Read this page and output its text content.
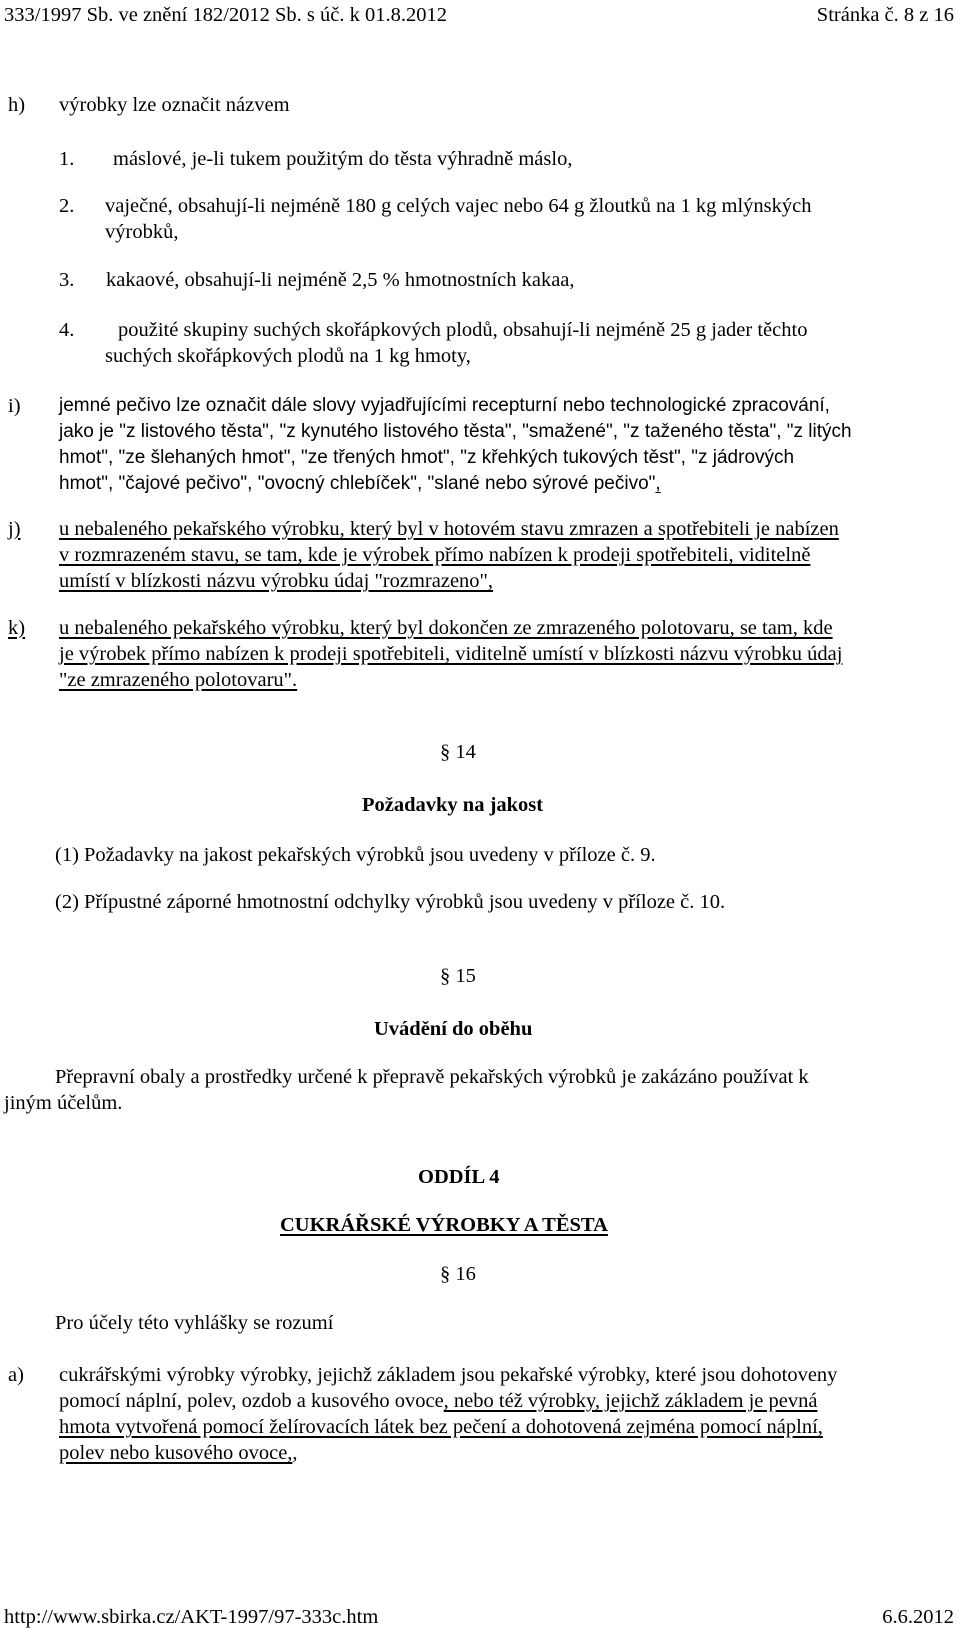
333/1997 Sb. ve znění 182/2012 Sb. s úč. k 01.8.2012	Stránka č. 8 z 16
h) výrobky lze označit názvem
1. máslové, je-li tukem použitým do těsta výhradně máslo,
2. vaječné, obsahují-li nejméně 180 g celých vajec nebo 64 g žloutků na 1 kg mlýnských
výrobků,
3. kakaové, obsahují-li nejméně 2,5 % hmotnostních kakaa,
4. použité skupiny suchých skořápkových plodů, obsahují-li nejméně 25 g jader těchto
suchých skořápkových plodů na 1 kg hmoty,
i) jemné pečivo lze označit dále slovy vyjadřujícími recepturní nebo technologické zpracování,
jako je "z listového těsta", "z kynutého listového těsta", "smažené", "z taženého těsta", "z litých
hmot", "ze šlehaných hmot", "ze třených hmot", "z křehkých tukových těst", "z jádrových
hmot", "čajové pečivo", "ovocný chlebíček", "slané nebo sýrové pečivo",
j) u nebaleného pekařského výrobku, který byl v hotovém stavu zmrazen a spotřebiteli je nabízen
v rozmrazeném stavu, se tam, kde je výrobek přímo nabízen k prodeji spotřebiteli, viditelně
umístí v blízkosti názvu výrobku údaj "rozmrazeno",
k) u nebaleného pekařského výrobku, který byl dokončen ze zmrazeného polotovaru, se tam, kde
je výrobek přímo nabízen k prodeji spotřebiteli, viditelně umístí v blízkosti názvu výrobku údaj
"ze zmrazeného polotovaru".
§ 14
Požadavky na jakost
(1) Požadavky na jakost pekařských výrobků jsou uvedeny v příloze č. 9.
(2) Přípustné záporné hmotnostní odchylky výrobků jsou uvedeny v příloze č. 10.
§ 15
Uvádění do oběhu
Přepravní obaly a prostředky určené k přepravě pekařských výrobků je zakázáno používat k
jiným účelům.
ODDÍL 4
CUKRÁŘSKÉ VÝROBKY A TĚSTA
§ 16
Pro účely této vyhlášky se rozumí
a) cukrářskými výrobky výrobky, jejichž základem jsou pekařské výrobky, které jsou dohotoveny
pomocí náplní, polev, ozdob a kusového ovoce, nebo též výrobky, jejichž základem je pevná
hmota vytvořená pomocí želírovacích látek bez pečení a dohotovená zejména pomocí náplní,
polev nebo kusového ovoce,,
http://www.sbirka.cz/AKT-1997/97-333c.htm	6.6.2012
